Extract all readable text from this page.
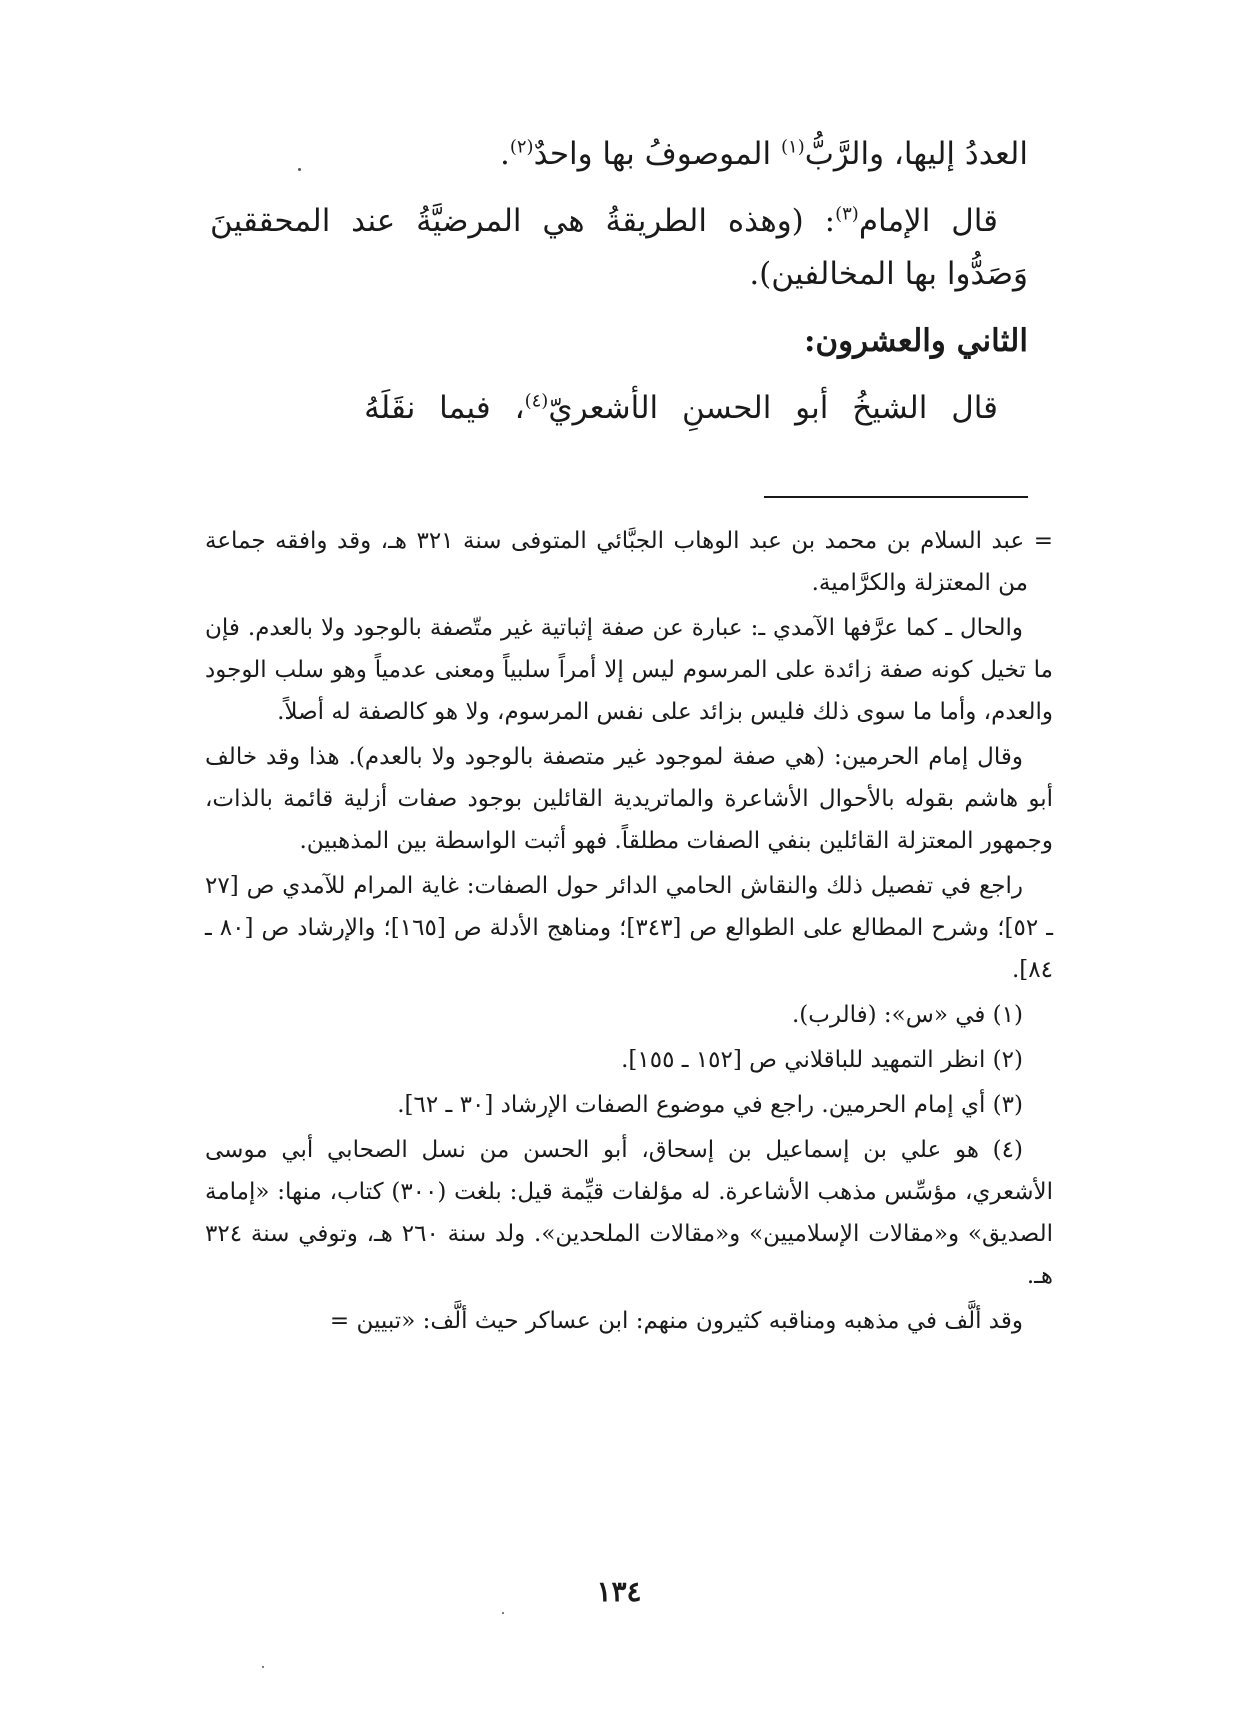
العددُ إليها، والرَّبُّ$^{(١)}$ الموصوفُ بها واحدٌ$^{(٢)}$.

قال الإمام$^{(٣)}$: (وهذه الطريقةُ هي المرضيَّةُ عند المحققينَ وَصَدُّوا بها المخالفين).

الثاني والعشرون:

قال الشيخُ أبو الحسنِ الأشعريّ$^{(٤)}$، فيما نقَلَهُ

= عبد السلام بن محمد بن عبد الوهاب الجبَّائي المتوفى سنة ٣٢١ هـ، وقد وافقه جماعة من المعتزلة والكرَّامية.

والحال ـ كما عرَّفها الآمدي ـ: عبارة عن صفة إثباتية غير متّصفة بالوجود ولا بالعدم. فإن ما تخيل كونه صفة زائدة على المرسوم ليس إلا أمراً سلبياً ومعنى عدمياً وهو سلب الوجود والعدم، وأما ما سوى ذلك فليس بزائد على نفس المرسوم، ولا هو كالصفة له أصلاً.

وقال إمام الحرمين: (هي صفة لموجود غير متصفة بالوجود ولا بالعدم). هذا وقد خالف أبو هاشم بقوله بالأحوال الأشاعرة والماتريدية القائلين بوجود صفات أزلية قائمة بالذات، وجمهور المعتزلة القائلين بنفي الصفات مطلقاً. فهو أثبت الواسطة بين المذهبين.

راجع في تفصيل ذلك والنقاش الحامي الدائر حول الصفات: غاية المرام للآمدي ص [٢٧ ـ ٥٢]؛ وشرح المطالع على الطوالع ص [٣٤٣]؛ ومناهج الأدلة ص [١٦٥]؛ والإرشاد ص [٨٠ ـ ٨٤].

(١) في «س»: (فالرب).

(٢) انظر التمهيد للباقلاني ص [١٥٢ ـ ١٥٥].

(٣) أي إمام الحرمين. راجع في موضوع الصفات الإرشاد [٣٠ ـ ٦٢].

(٤) هو علي بن إسماعيل بن إسحاق، أبو الحسن من نسل الصحابي أبي موسى الأشعري، مؤسِّس مذهب الأشاعرة. له مؤلفات قيِّمة قيل: بلغت (٣٠٠) كتاب، منها: «إمامة الصديق» و«مقالات الإسلاميين» و«مقالات الملحدين». ولد سنة ٢٦٠ هـ، وتوفي سنة ٣٢٤ هـ.

وقد ألَّف في مذهبه ومناقبه كثيرون منهم: ابن عساكر حيث ألَّف: «تبيين =

١٣٤
